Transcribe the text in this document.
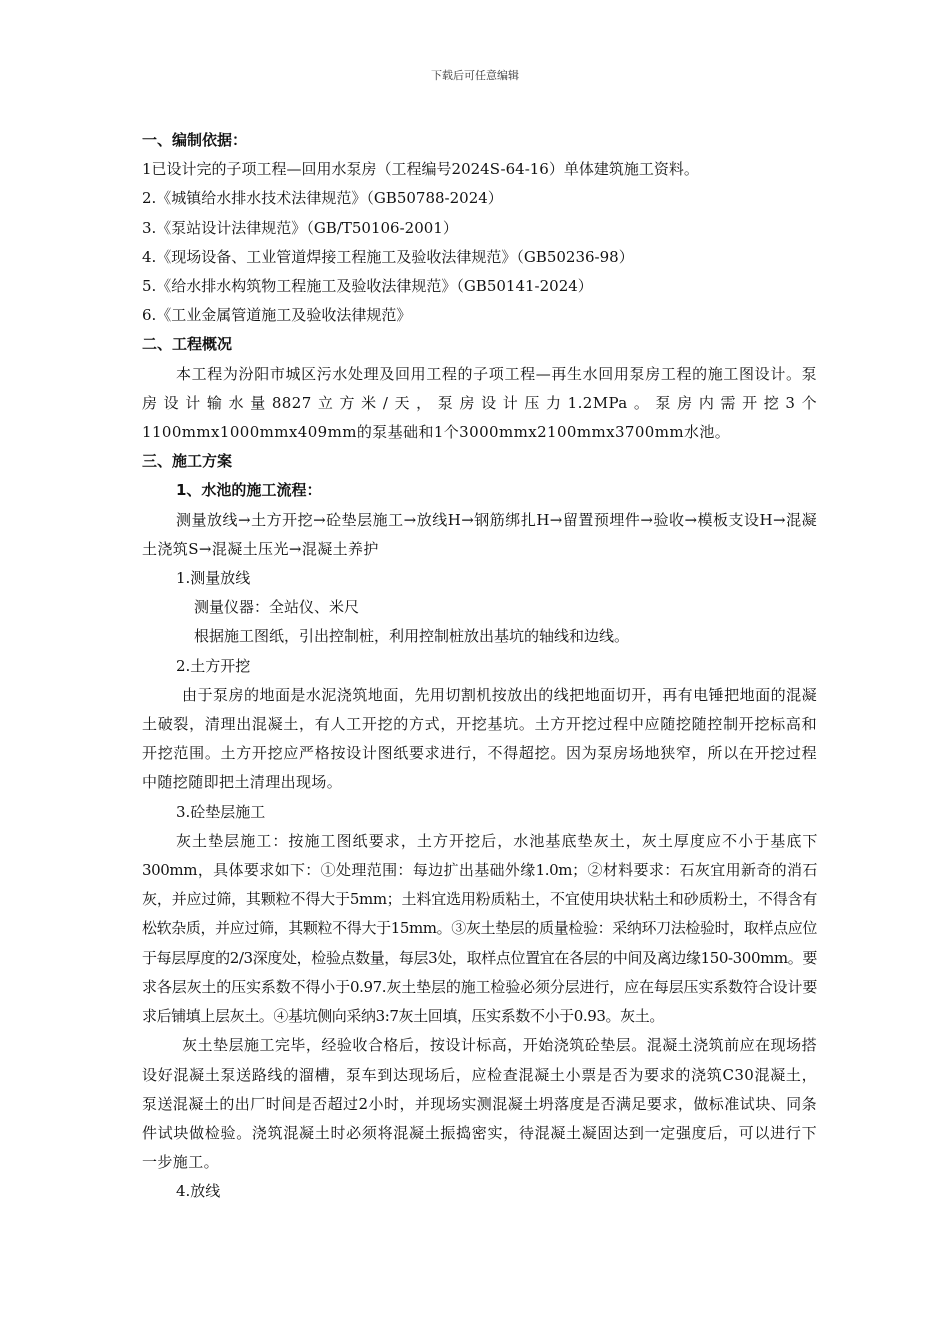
下载后可任意编辑

一、编制依据：

1已设计完的子项工程—回用水泵房（工程编号2024S-64-16）单体建筑施工资料。

2.《城镇给水排水技术法律规范》（GB50788-2024）

3.《泵站设计法律规范》（GB/T50106-2001）

4.《现场设备、工业管道焊接工程施工及验收法律规范》（GB50236-98）

5.《给水排水构筑物工程施工及验收法律规范》（GB50141-2024）

6.《工业金属管道施工及验收法律规范》

二、工程概况

本工程为汾阳市城区污水处理及回用工程的子项工程—再生水回用泵房工程的施工图设计。泵房设计输水量8827立方米/天，泵房设计压力1.2MPa。泵房内需开挖3个1100mmx1000mmx409mm的泵基础和1个3000mmx2100mmx3700mm水池。

三、施工方案

1、水池的施工流程：

测量放线→土方开挖→砼垫层施工→放线H→钢筋绑扎H→留置预埋件→验收→模板支设H→混凝土浇筑S→混凝土压光→混凝土养护

1.测量放线

测量仪器：全站仪、米尺

根据施工图纸，引出控制桩，利用控制桩放出基坑的轴线和边线。

2.土方开挖

由于泵房的地面是水泥浇筑地面，先用切割机按放出的线把地面切开，再有电锤把地面的混凝土破裂，清理出混凝土，有人工开挖的方式，开挖基坑。土方开挖过程中应随挖随控制开挖标高和开挖范围。土方开挖应严格按设计图纸要求进行，不得超挖。因为泵房场地狭窄，所以在开挖过程中随挖随即把土清理出现场。

3.砼垫层施工

灰土垫层施工：按施工图纸要求，土方开挖后，水池基底垫灰土，灰土厚度应不小于基底下300mm，具体要求如下：①处理范围：每边扩出基础外缘1.0m；②材料要求：石灰宜用新奇的消石灰，并应过筛，其颗粒不得大于5mm；土料宜选用粉质粘土，不宜使用块状粘土和砂质粉土，不得含有松软杂质，并应过筛，其颗粒不得大于15mm。③灰土垫层的质量检验：采纳环刀法检验时，取样点应位于每层厚度的2/3深度处，检验点数量，每层3处，取样点位置宜在各层的中间及离边缘150-300mm。要求各层灰土的压实系数不得小于0.97.灰土垫层的施工检验必须分层进行，应在每层压实系数符合设计要求后铺填上层灰土。④基坑侧向采纳3:7灰土回填，压实系数不小于0.93。灰土。

灰土垫层施工完毕，经验收合格后，按设计标高，开始浇筑砼垫层。混凝土浇筑前应在现场搭设好混凝土泵送路线的溜槽，泵车到达现场后，应检查混凝土小票是否为要求的浇筑C30混凝土，泵送混凝土的出厂时间是否超过2小时，并现场实测混凝土坍落度是否满足要求，做标准试块、同条件试块做检验。浇筑混凝土时必须将混凝土振捣密实，待混凝土凝固达到一定强度后，可以进行下一步施工。

4.放线
